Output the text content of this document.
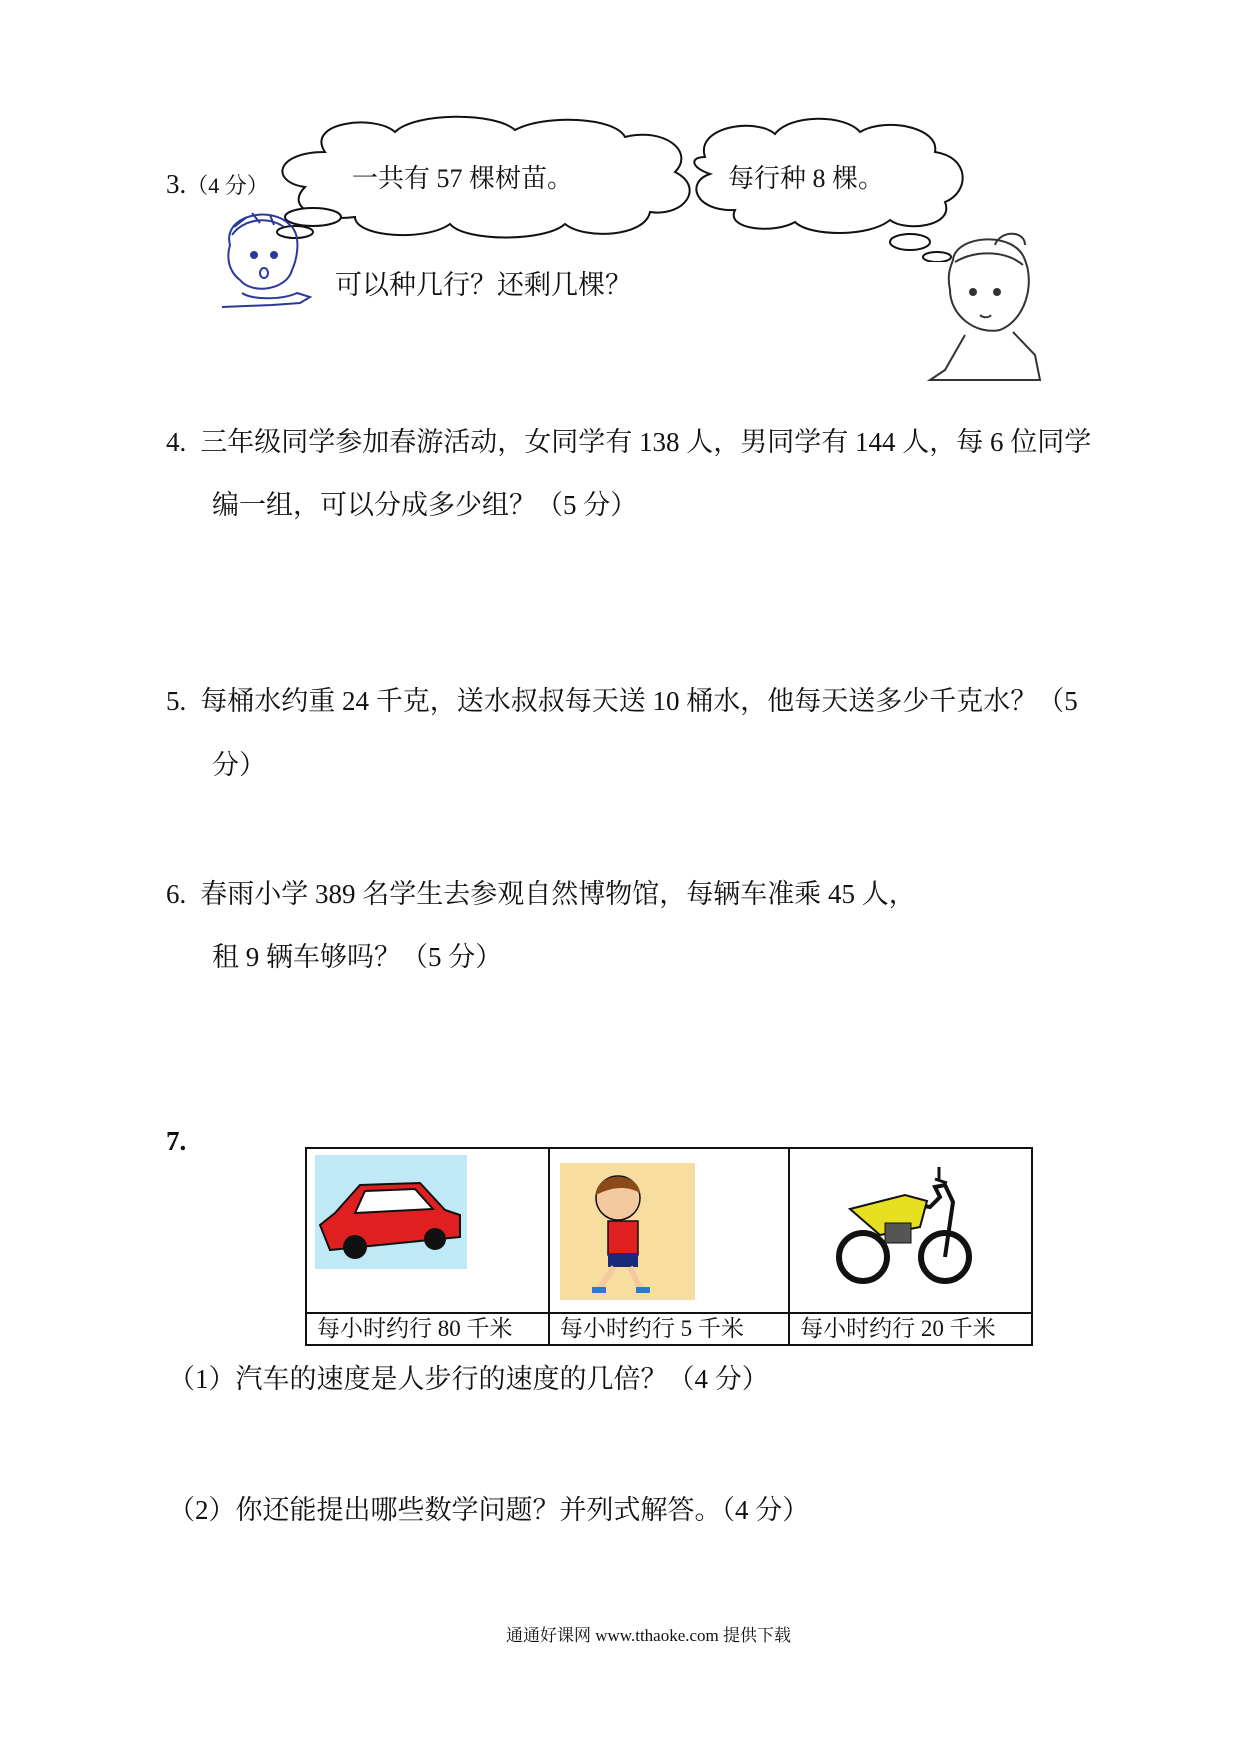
3.（4 分）	一共有 57 棵树苗。	每行种 8 棵。
可以种几行？还剩几棵？
4. 三年级同学参加春游活动，女同学有 138 人，男同学有 144 人，每 6 位同学
编一组，可以分成多少组？（5 分）
5. 每桶水约重 24 千克，送水叔叔每天送 10 桶水，他每天送多少千克水？（5
分）
6. 春雨小学 389 名学生去参观自然博物馆，每辆车准乘 45 人，
租 9 辆车够吗？（5 分）
7.

每小时约行 80 千米	每小时约行 5 千米	每小时约行 20 千米
（1）汽车的速度是人步行的速度的几倍？（4 分）
（2）你还能提出哪些数学问题？并列式解答。（4 分）
通通好课网 www.tthaoke.com 提供下载
